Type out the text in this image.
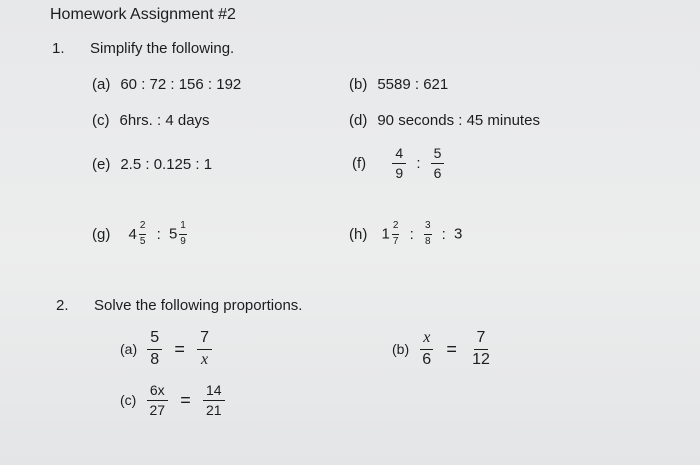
Homework Assignment #2
1. Simplify the following.
(a) 60 : 72 : 156 : 192	(b) 5589 : 621
(c) 6hrs. : 4 days	(d) 90 seconds : 45 minutes
(e) 2.5 : 0.125 : 1	$(f) \frac{4}{9}$ : $\frac{5}{6}$
(g) $4 \frac{2}{5}$ : $5 \frac{1}{9}$	(h) $1 \frac{2}{7}$ : $\frac{3}{8}$ : 3
2. Solve the following proportions.
$(a) \frac{5}{8} = \frac{7}{x}$	$(b) \frac{x}{6} = \frac{7}{12}$
$(c) \frac{6x}{27} = \frac{14}{21}$
